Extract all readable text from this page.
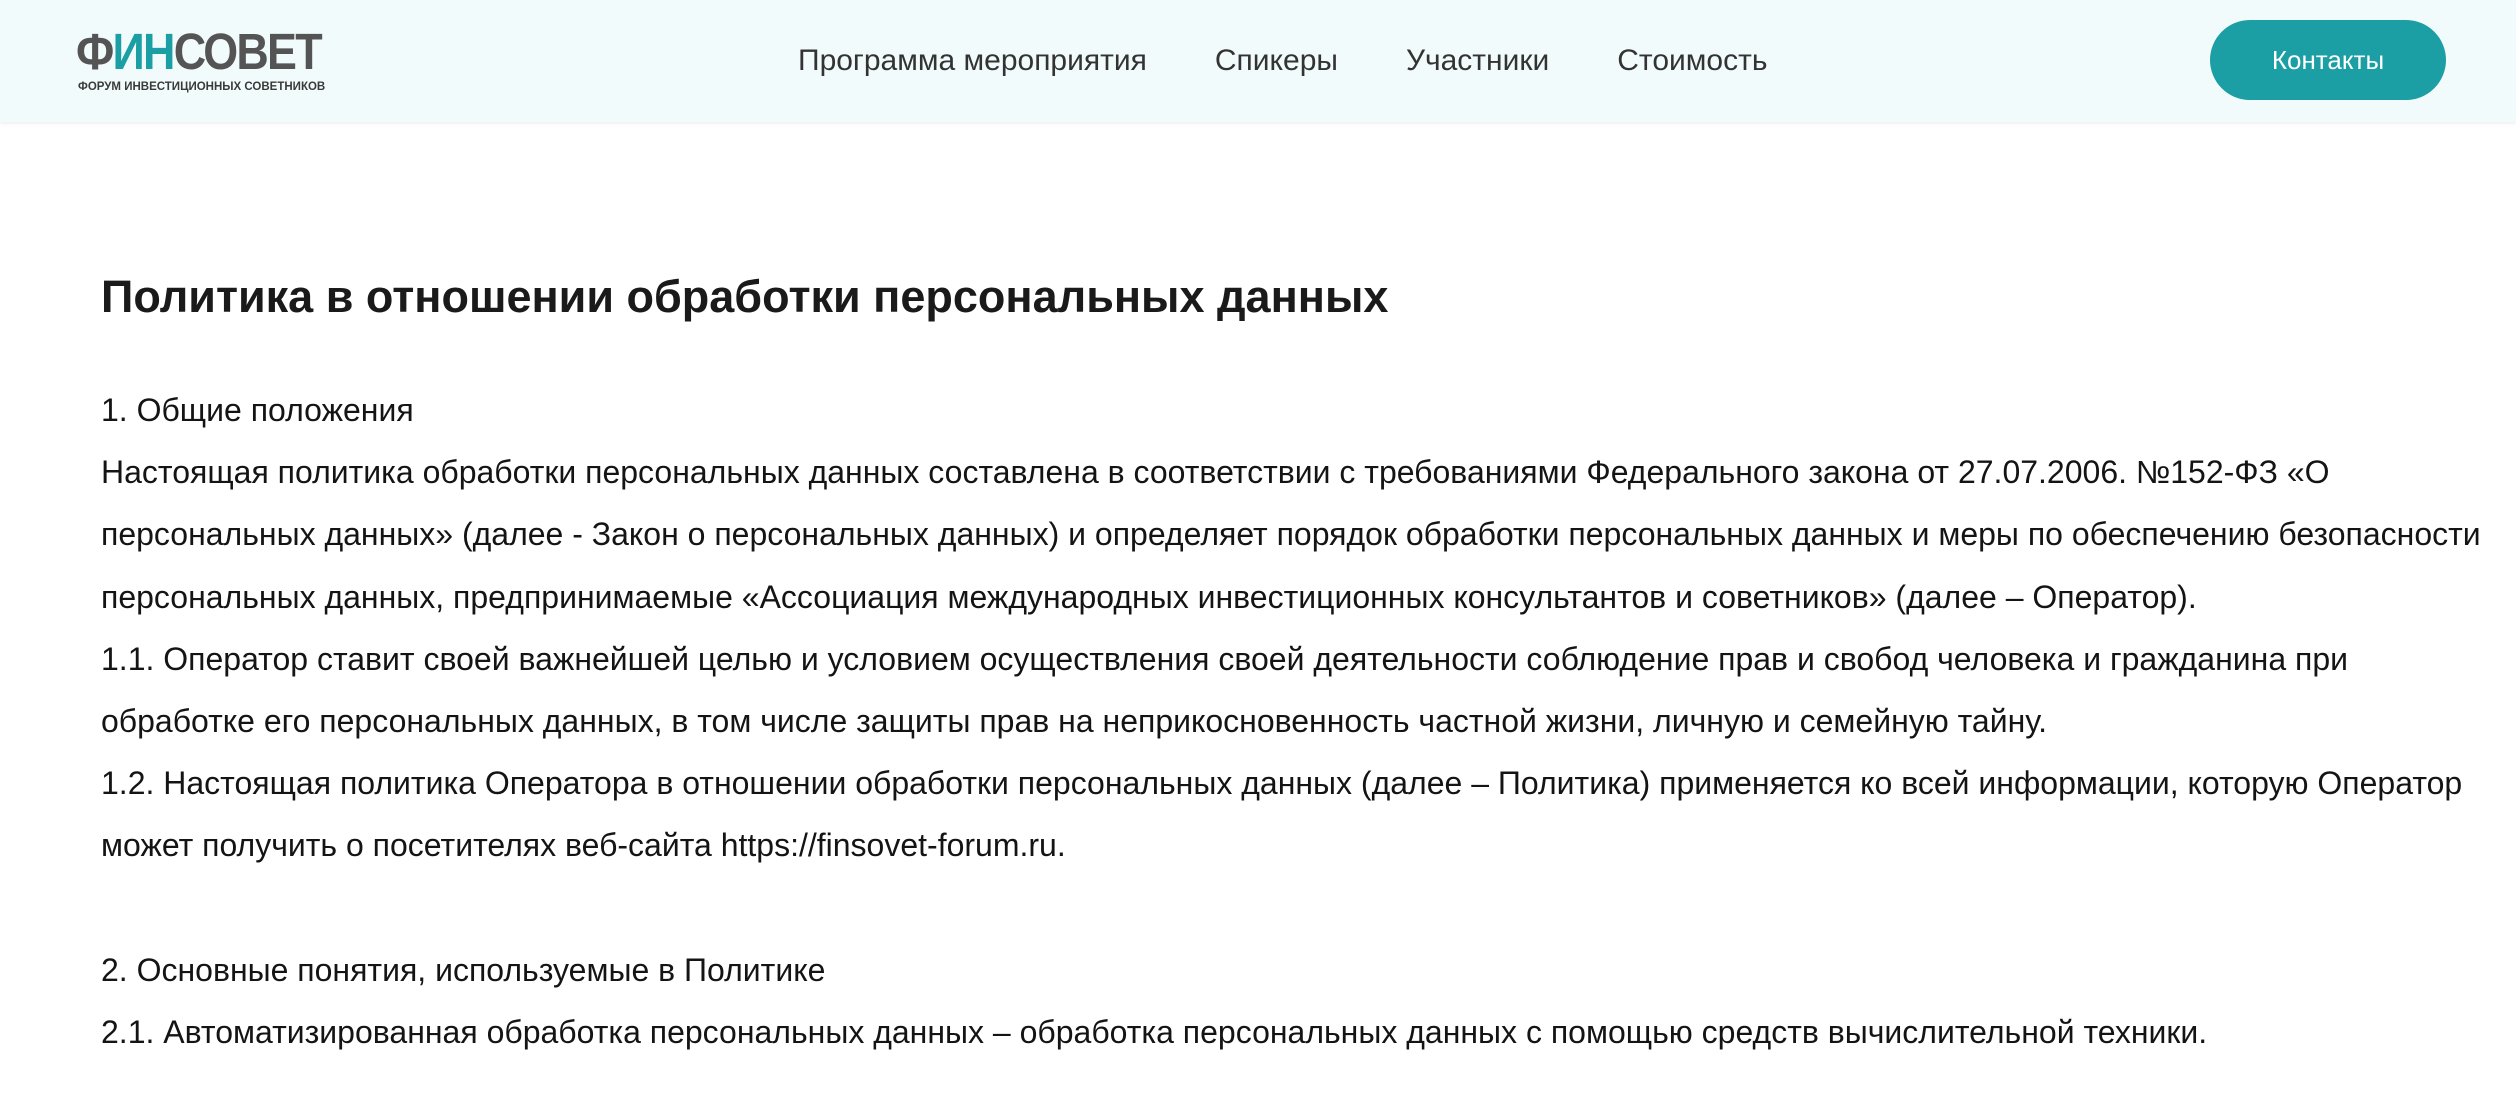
ФИНСОВЕТ
ФОРУМ ИНВЕСТИЦИОННЫХ СОВЕТНИКОВ
Программа мероприятия Спикеры Участники Стоимость	Контакты
Политика в отношении обработки персональных данных

1. Общие положения

Настоящая политика обработки персональных данных составлена в соответствии с требованиями Федерального закона от 27.07.2006. №152-ФЗ «О персональных данных» (далее - Закон о персональных данных) и определяет порядок обработки персональных данных и меры по обеспечению безопасности персональных данных, предпринимаемые «Ассоциация международных инвестиционных консультантов и советников» (далее – Оператор).

1.1. Оператор ставит своей важнейшей целью и условием осуществления своей деятельности соблюдение прав и свобод человека и гражданина при обработке его персональных данных, в том числе защиты прав на неприкосновенность частной жизни, личную и семейную тайну.

1.2. Настоящая политика Оператора в отношении обработки персональных данных (далее – Политика) применяется ко всей информации, которую Оператор может получить о посетителях веб-сайта https://finsovet-forum.ru.

2. Основные понятия, используемые в Политике

2.1. Автоматизированная обработка персональных данных – обработка персональных данных с помощью средств вычислительной техники.
